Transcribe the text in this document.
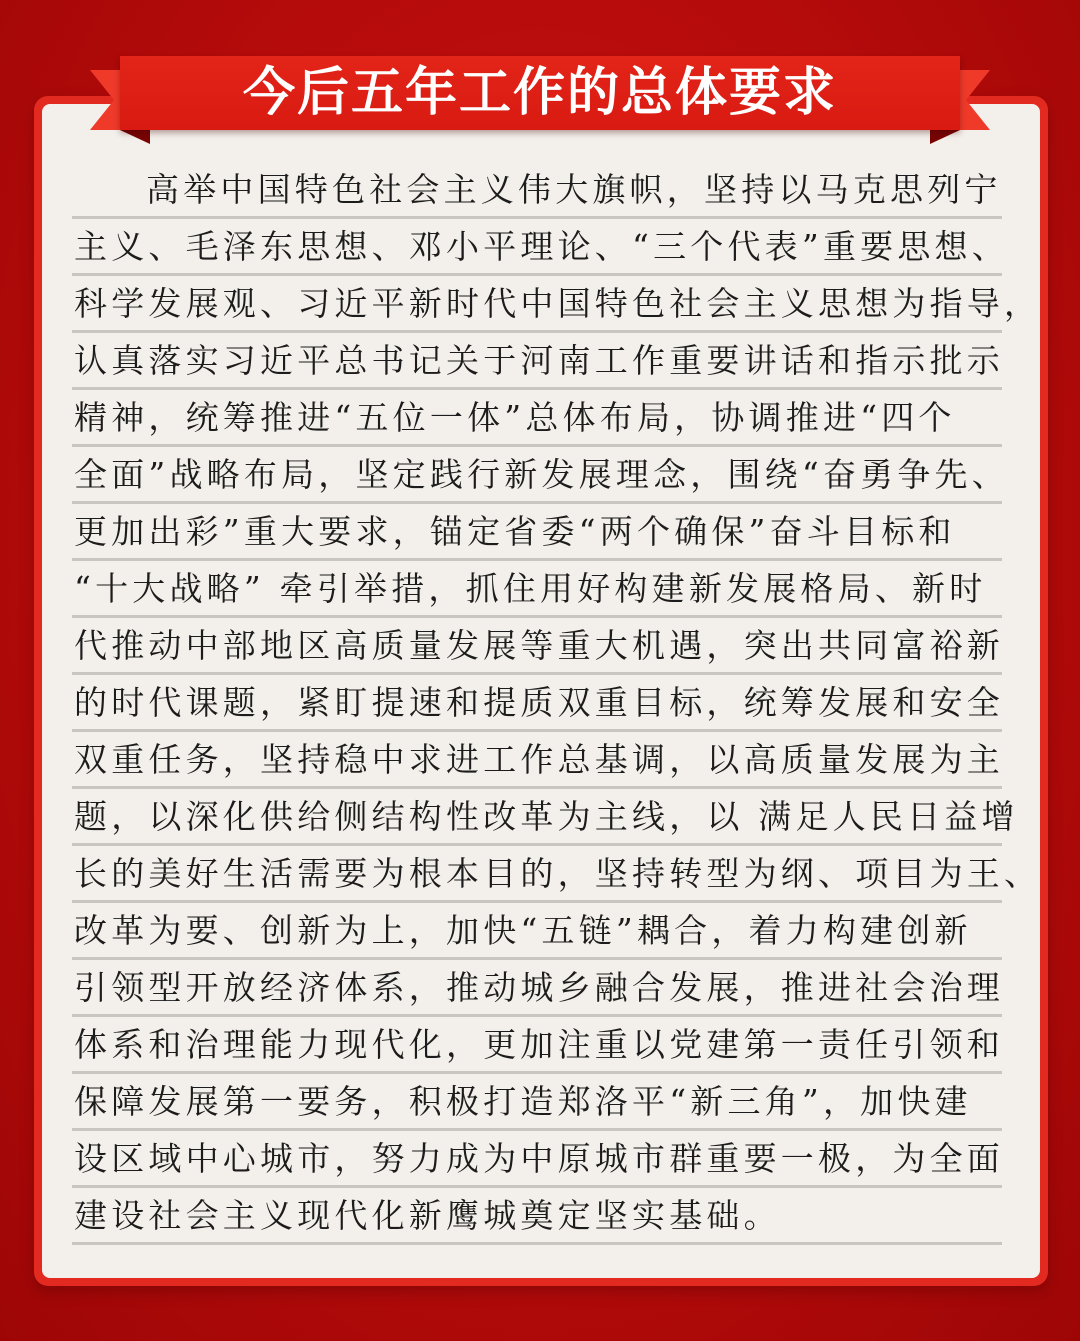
今后五年工作的总体要求
高举中国特色社会主义伟大旗帜，坚持以马克思列宁
主义、毛泽东思想、邓小平理论、“三个代表”重要思想、
科学发展观、习近平新时代中国特色社会主义思想为指导，
认真落实习近平总书记关于河南工作重要讲话和指示批示
精神，统筹推进“五位一体”总体布局，协调推进“四个
全面”战略布局，坚定践行新发展理念，围绕“奋勇争先、
更加出彩”重大要求，锚定省委“两个确保”奋斗目标和
“十大战略” 牵引举措，抓住用好构建新发展格局、新时
代推动中部地区高质量发展等重大机遇，突出共同富裕新
的时代课题，紧盯提速和提质双重目标，统筹发展和安全
双重任务，坚持稳中求进工作总基调，以高质量发展为主
题，以深化供给侧结构性改革为主线，以 满足人民日益增
长的美好生活需要为根本目的，坚持转型为纲、项目为王、
改革为要、创新为上，加快“五链”耦合，着力构建创新
引领型开放经济体系，推动城乡融合发展，推进社会治理
体系和治理能力现代化，更加注重以党建第一责任引领和
保障发展第一要务，积极打造郑洛平“新三角”，加快建
设区域中心城市，努力成为中原城市群重要一极，为全面
建设社会主义现代化新鹰城奠定坚实基础。
